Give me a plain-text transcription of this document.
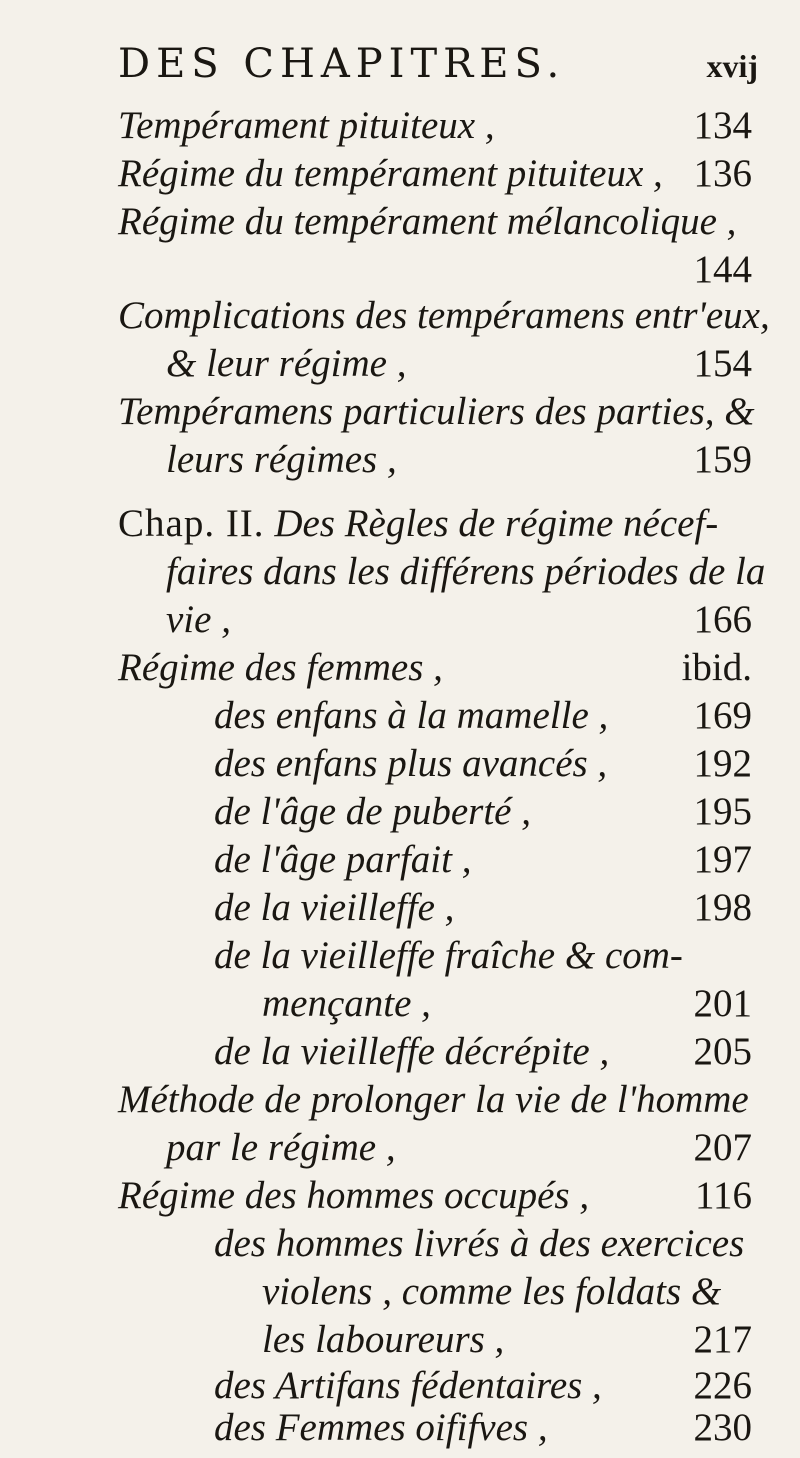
DES CHAPITRES.	xvij
Tempérament pituiteux ,	134
Régime du tempérament pituiteux , 136
Régime du tempérament mélancolique ,
144
Complications des tempéramens entr'eux,
& leur régime ,	154
Tempéramens particuliers des parties, &
leurs régimes ,	159
Chap. II. Des Règles de régime nécef-
faires dans les différens périodes de la
vie ,	166
Régime des femmes ,	ibid.
des enfans à la mamelle ,	169
des enfans plus avancés ,	192
de l'âge de puberté ,	195
de l'âge parfait ,	197
de la vieilleffe ,	198
de la vieilleffe fraîche & com-
mençante ,	201
de la vieilleffe décrépite ,	205
Méthode de prolonger la vie de l'homme
par le régime ,	207
Régime des hommes occupés ,	116
des hommes livrés à des exercices
violens , comme les foldats &
les laboureurs ,	217
des Artifans fédentaires ,	226
des Femmes oififves ,	230
